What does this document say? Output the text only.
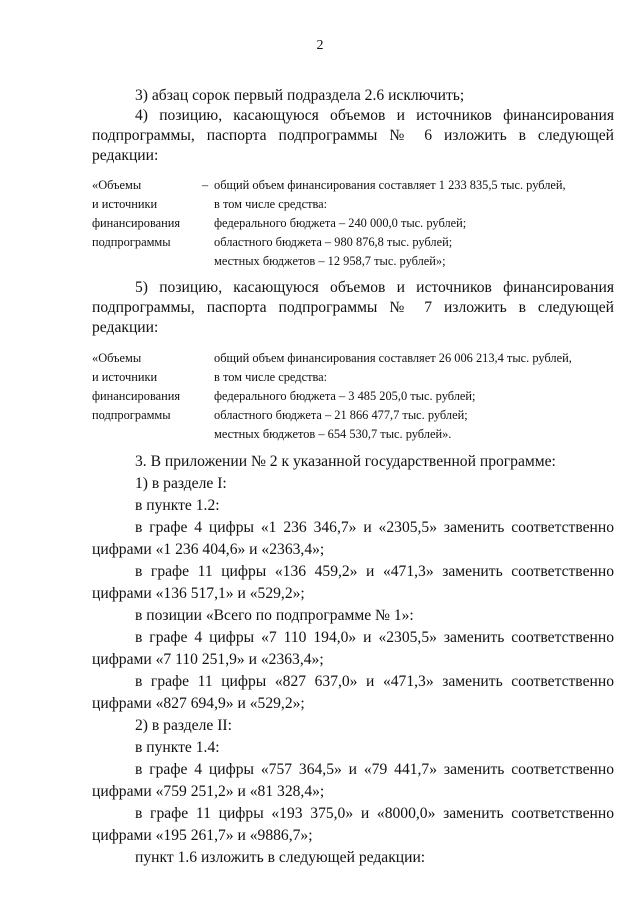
2
3) абзац сорок первый подраздела 2.6 исключить;
4) позицию, касающуюся объемов и источников финансирования
подпрограммы, паспорта подпрограммы № 6 изложить в следующей
редакции:
«Объемы
и источники
финансирования
подпрограммы
– общий объем финансирования составляет 1 233 835,5 тыс. рублей,
в том числе средства:
федерального бюджета – 240 000,0 тыс. рублей;
областного бюджета – 980 876,8 тыс. рублей;
местных бюджетов – 12 958,7 тыс. рублей»;
5) позицию, касающуюся объемов и источников финансирования
подпрограммы, паспорта подпрограммы № 7 изложить в следующей
редакции:
«Объемы
и источники
финансирования
подпрограммы
общий объем финансирования составляет 26 006 213,4 тыс. рублей,
в том числе средства:
федерального бюджета – 3 485 205,0 тыс. рублей;
областного бюджета – 21 866 477,7 тыс. рублей;
местных бюджетов – 654 530,7 тыс. рублей».
3. В приложении № 2 к указанной государственной программе:
1) в разделе I:
в пункте 1.2:
в графе 4 цифры «1 236 346,7» и «2305,5» заменить соответственно
цифрами «1 236 404,6» и «2363,4»;
в графе 11 цифры «136 459,2» и «471,3» заменить соответственно
цифрами «136 517,1» и «529,2»;
в позиции «Всего по подпрограмме № 1»:
в графе 4 цифры «7 110 194,0» и «2305,5» заменить соответственно
цифрами «7 110 251,9» и «2363,4»;
в графе 11 цифры «827 637,0» и «471,3» заменить соответственно
цифрами «827 694,9» и «529,2»;
2) в разделе II:
в пункте 1.4:
в графе 4 цифры «757 364,5» и «79 441,7» заменить соответственно
цифрами «759 251,2» и «81 328,4»;
в графе 11 цифры «193 375,0» и «8000,0» заменить соответственно
цифрами «195 261,7» и «9886,7»;
пункт 1.6 изложить в следующей редакции:
